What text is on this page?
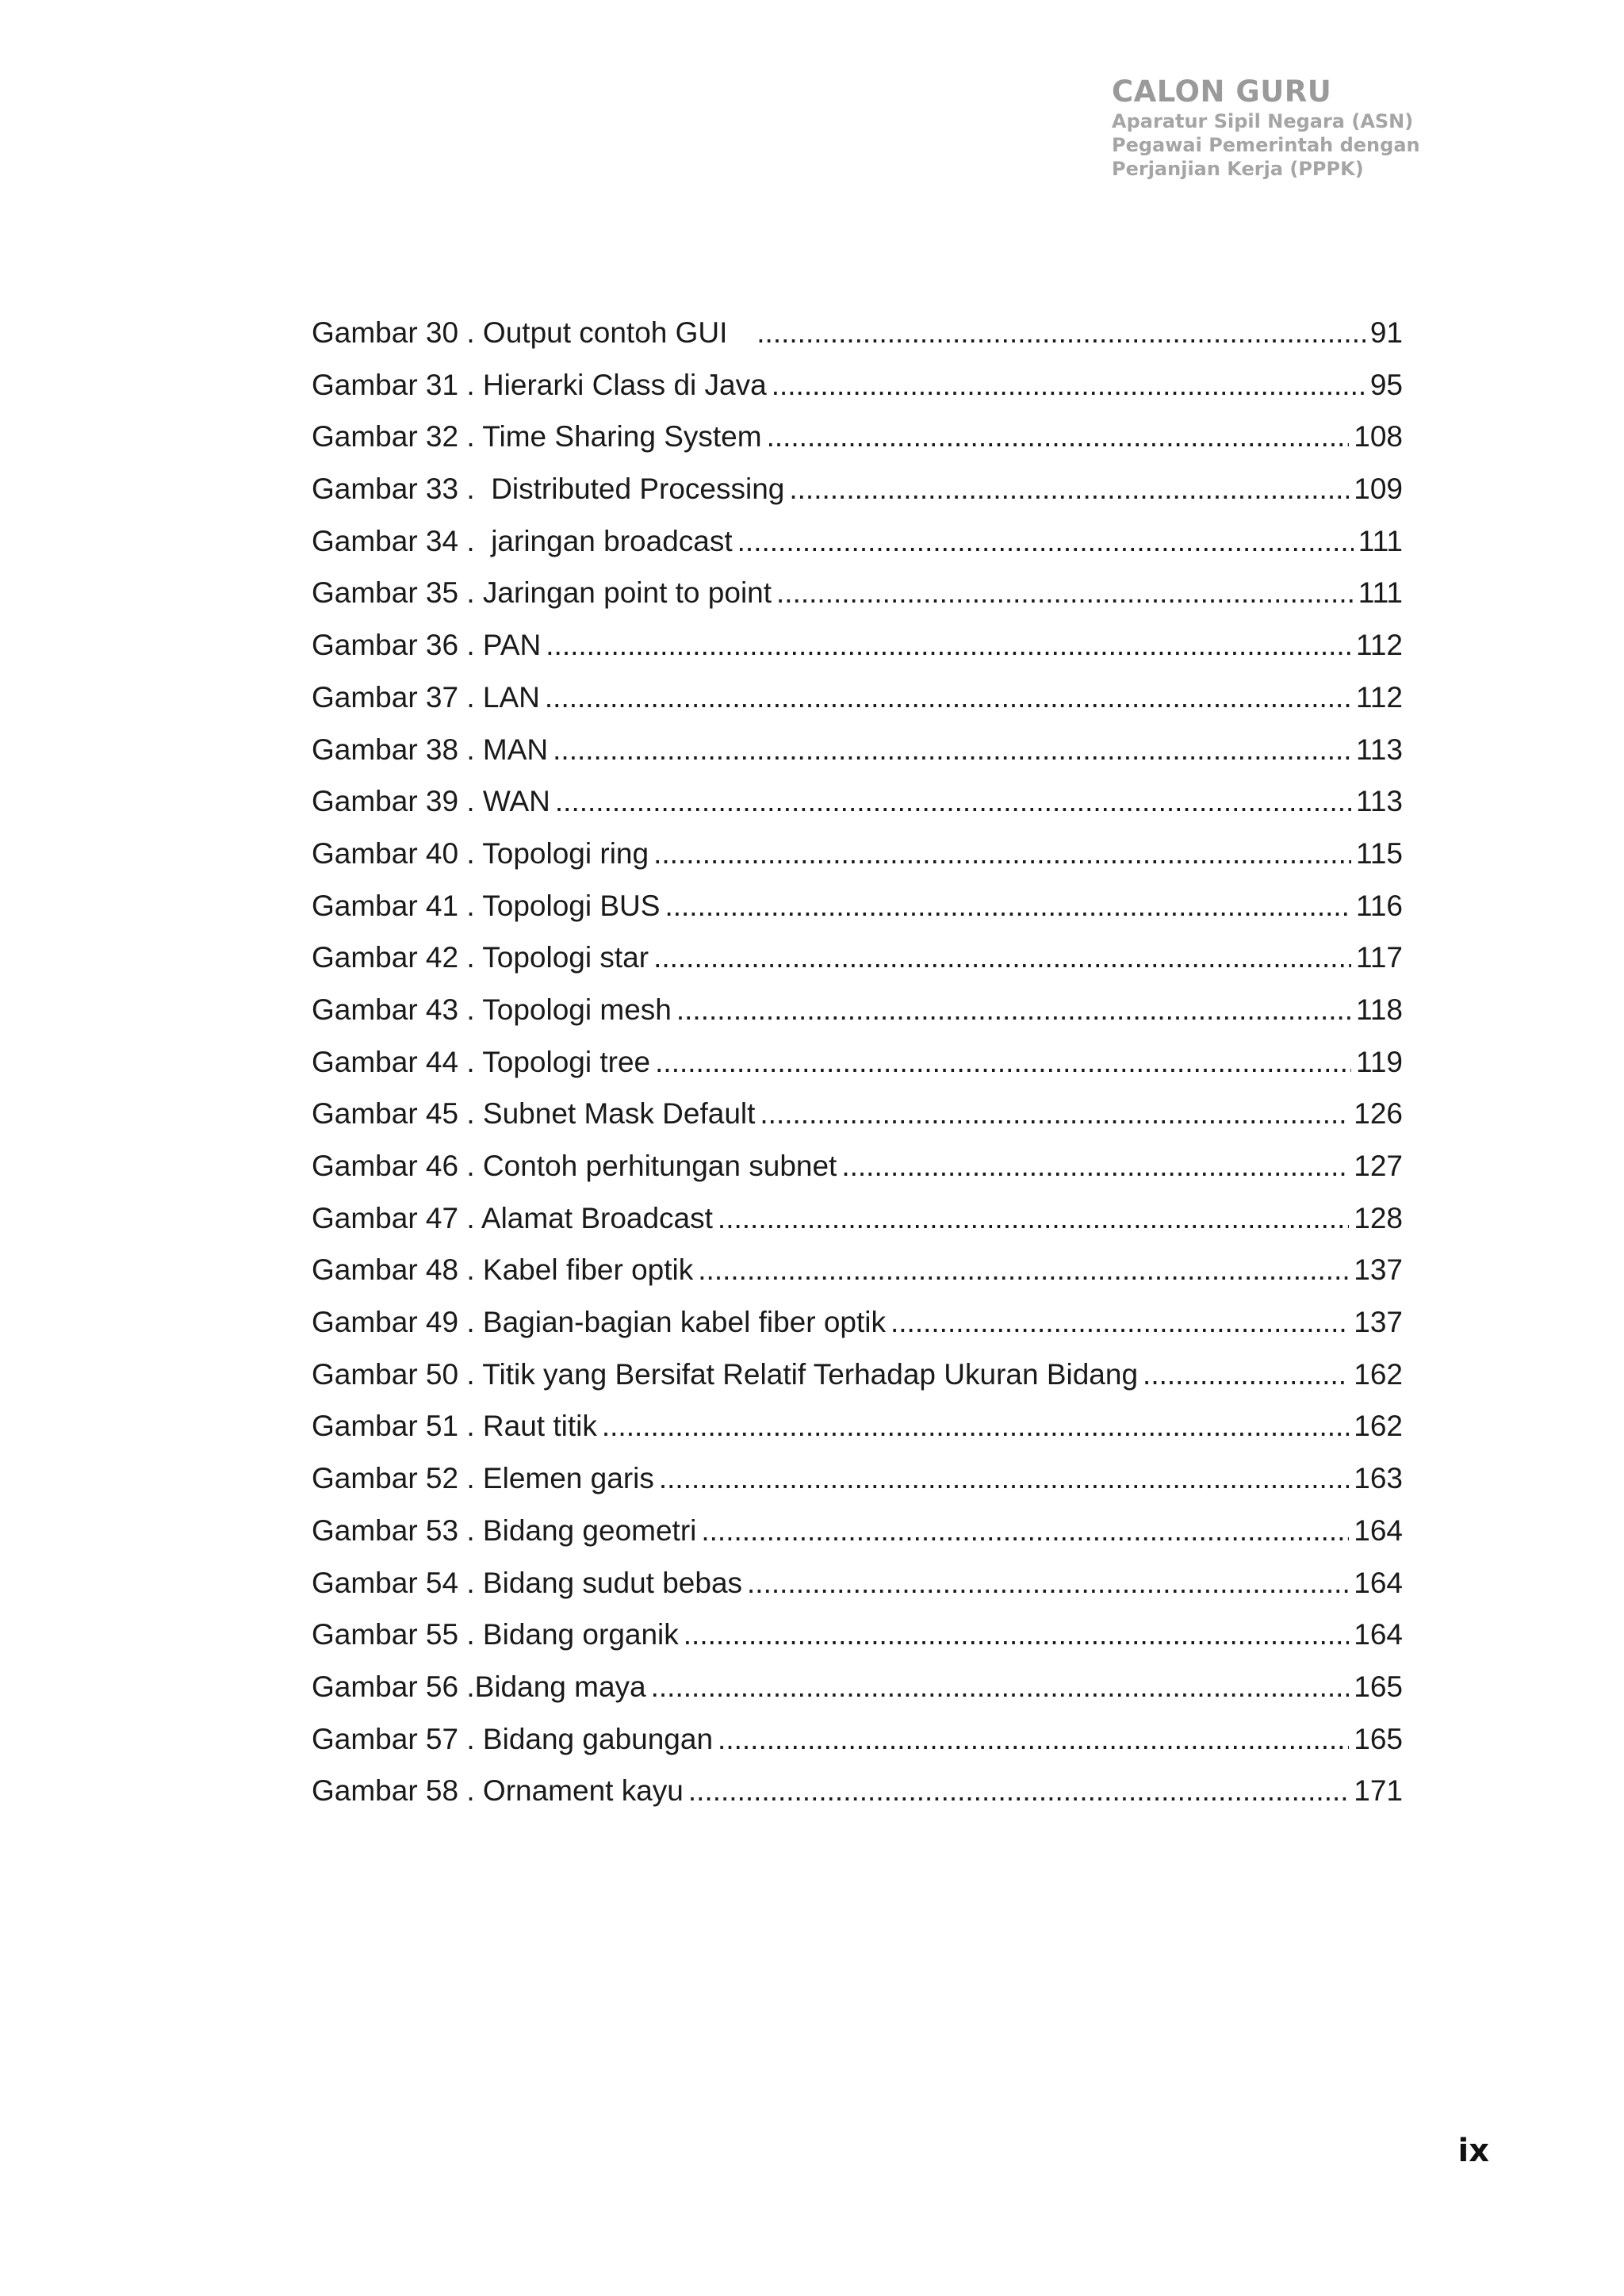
CALON GURU
Aparatur Sipil Negara (ASN)
Pegawai Pemerintah dengan
Perjanjian Kerja (PPPK)
Gambar 30 . Output contoh GUI .....	91
Gambar 31 . Hierarki Class di Java .....	95
Gambar 32 . Time Sharing System .....	108
Gambar 33 .  Distributed Processing .....	109
Gambar 34 .  jaringan broadcast .....	111
Gambar 35 . Jaringan point to point .....	111
Gambar 36 . PAN .....	112
Gambar 37 . LAN .....	112
Gambar 38 . MAN .....	113
Gambar 39 . WAN .....	113
Gambar 40 . Topologi ring .....	115
Gambar 41 . Topologi BUS .....	116
Gambar 42 . Topologi star .....	117
Gambar 43 . Topologi mesh .....	118
Gambar 44 . Topologi tree .....	119
Gambar 45 . Subnet Mask Default .....	126
Gambar 46 . Contoh perhitungan subnet .....	127
Gambar 47 . Alamat Broadcast .....	128
Gambar 48 . Kabel fiber optik .....	137
Gambar 49 . Bagian-bagian kabel fiber optik .....	137
Gambar 50 . Titik yang Bersifat Relatif Terhadap Ukuran Bidang .....	162
Gambar 51 . Raut titik .....	162
Gambar 52 . Elemen garis .....	163
Gambar 53 . Bidang geometri .....	164
Gambar 54 . Bidang sudut bebas .....	164
Gambar 55 . Bidang organik .....	164
Gambar 56 .Bidang maya .....	165
Gambar 57 . Bidang gabungan .....	165
Gambar 58 . Ornament kayu .....	171
ix
